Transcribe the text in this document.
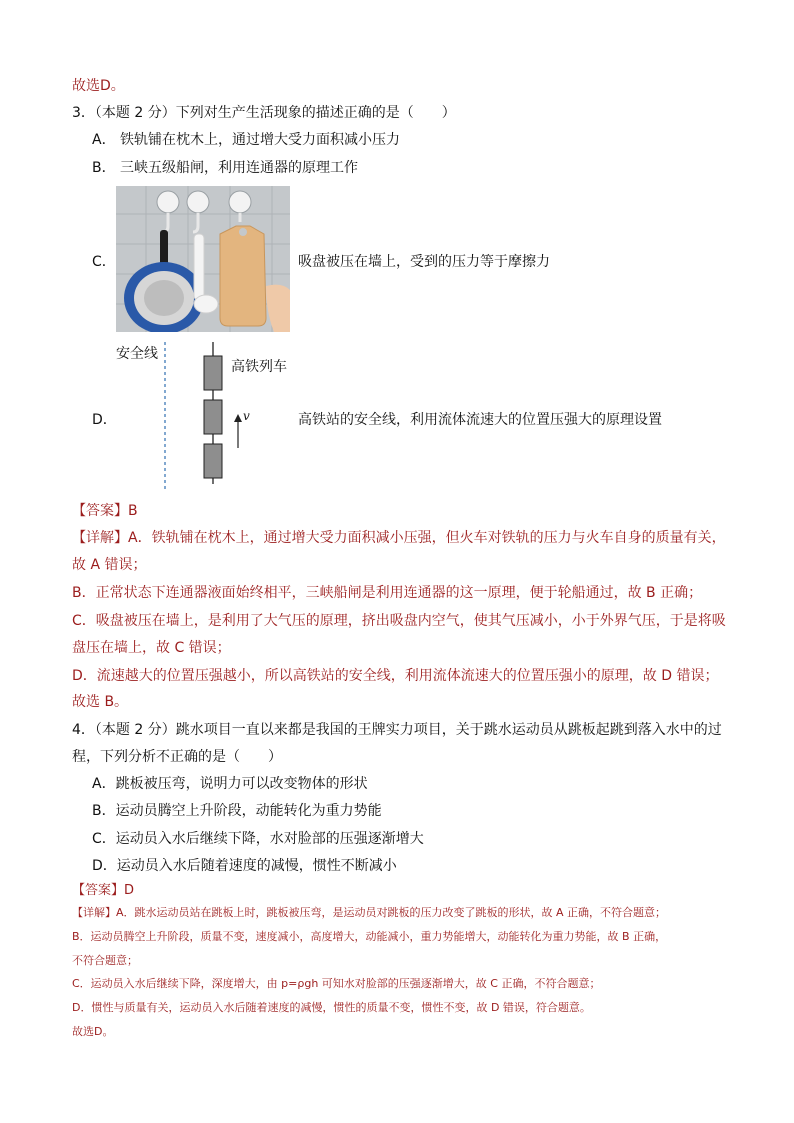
故选D。
3．（本题 2 分）下列对生产生活现象的描述正确的是（　　）
A． 铁轨铺在枕木上，通过增大受力面积减小压力
B． 三峡五级船闸，利用连通器的原理工作
C．	吸盘被压在墙上，受到的压力等于摩擦力
安全线
高铁列车
v
D．	高铁站的安全线，利用流体流速大的位置压强大的原理设置
【答案】B
【详解】A．铁轨铺在枕木上，通过增大受力面积减小压强，但火车对铁轨的压力与火车自身的质量有关，
故 A 错误；
B．正常状态下连通器液面始终相平，三峡船闸是利用连通器的这一原理，便于轮船通过，故 B 正确；
C．吸盘被压在墙上，是利用了大气压的原理，挤出吸盘内空气，使其气压减小，小于外界气压，于是将吸
盘压在墙上，故 C 错误；
D．流速越大的位置压强越小，所以高铁站的安全线，利用流体流速大的位置压强小的原理，故 D 错误；
故选 B。
4．（本题 2 分）跳水项目一直以来都是我国的王牌实力项目，关于跳水运动员从跳板起跳到落入水中的过
程，下列分析不正确的是（　　）
A．跳板被压弯，说明力可以改变物体的形状
B．运动员腾空上升阶段，动能转化为重力势能
C．运动员入水后继续下降，水对脸部的压强逐渐增大
D．运动员入水后随着速度的减慢，惯性不断减小
【答案】D
【详解】A．跳水运动员站在跳板上时，跳板被压弯，是运动员对跳板的压力改变了跳板的形状，故 A 正确，不符合题意；
B．运动员腾空上升阶段，质量不变，速度减小，高度增大，动能减小，重力势能增大，动能转化为重力势能，故 B 正确，
不符合题意；
C．运动员入水后继续下降，深度增大，由 p=ρgh 可知水对脸部的压强逐渐增大，故 C 正确，不符合题意；
D．惯性与质量有关，运动员入水后随着速度的减慢，惯性的质量不变，惯性不变，故 D 错误，符合题意。
故选D。
